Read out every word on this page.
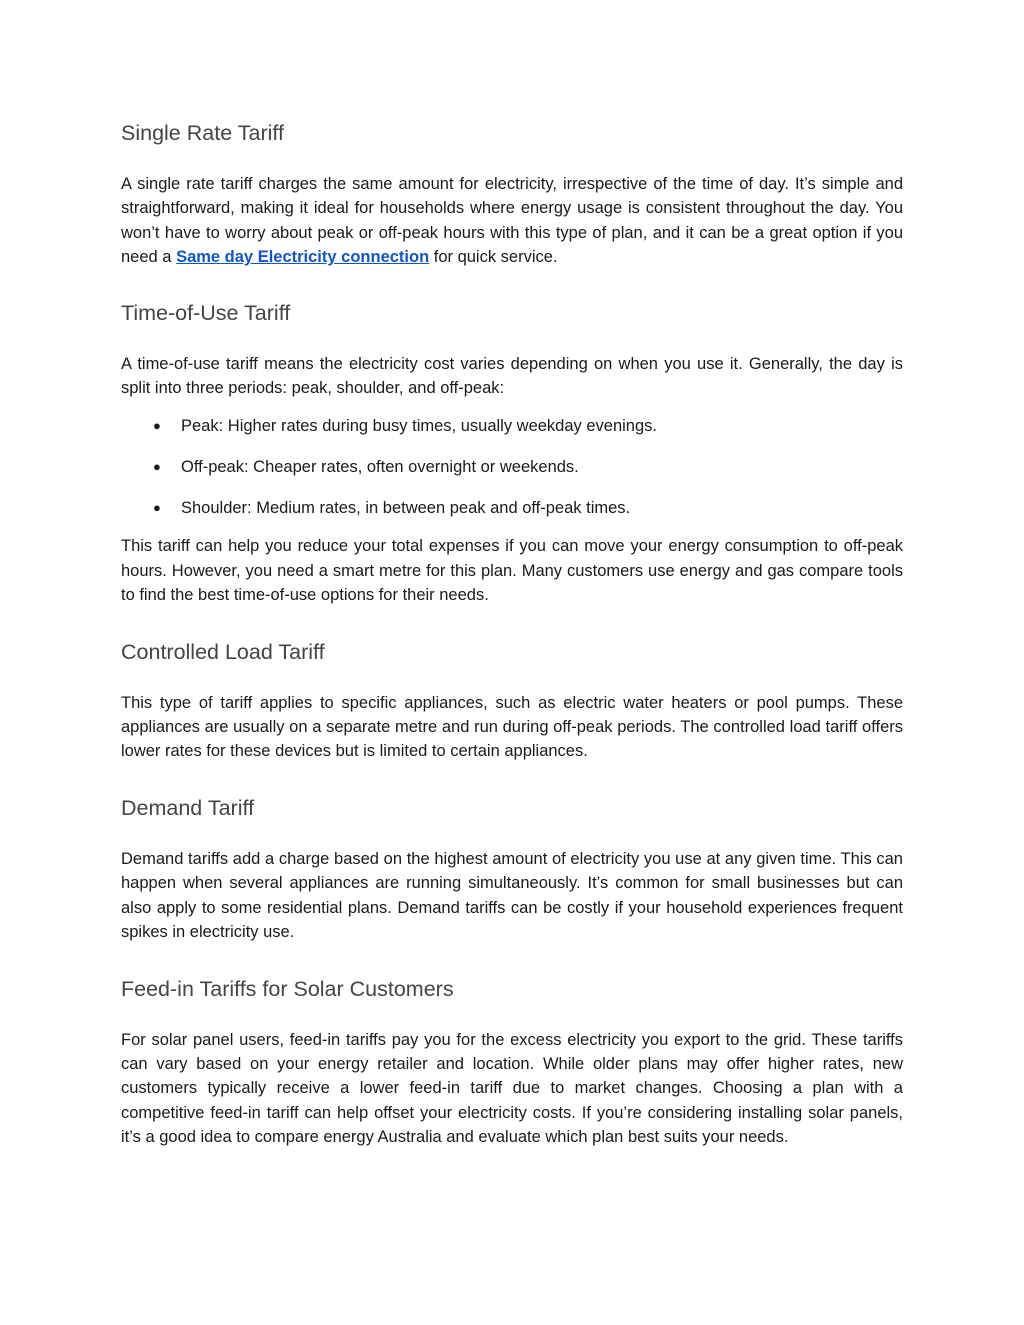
Single Rate Tariff

A single rate tariff charges the same amount for electricity, irrespective of the time of day. It’s simple and straightforward, making it ideal for households where energy usage is consistent throughout the day. You won’t have to worry about peak or off-peak hours with this type of plan, and it can be a great option if you need a Same day Electricity connection for quick service.

Time-of-Use Tariff

A time-of-use tariff means the electricity cost varies depending on when you use it. Generally, the day is split into three periods: peak, shoulder, and off-peak:

● Peak: Higher rates during busy times, usually weekday evenings.
● Off-peak: Cheaper rates, often overnight or weekends.
● Shoulder: Medium rates, in between peak and off-peak times.

This tariff can help you reduce your total expenses if you can move your energy consumption to off-peak hours. However, you need a smart metre for this plan. Many customers use energy and gas compare tools to find the best time-of-use options for their needs.

Controlled Load Tariff

This type of tariff applies to specific appliances, such as electric water heaters or pool pumps. These appliances are usually on a separate metre and run during off-peak periods. The controlled load tariff offers lower rates for these devices but is limited to certain appliances.

Demand Tariff

Demand tariffs add a charge based on the highest amount of electricity you use at any given time. This can happen when several appliances are running simultaneously. It’s common for small businesses but can also apply to some residential plans. Demand tariffs can be costly if your household experiences frequent spikes in electricity use.

Feed-in Tariffs for Solar Customers

For solar panel users, feed-in tariffs pay you for the excess electricity you export to the grid. These tariffs can vary based on your energy retailer and location. While older plans may offer higher rates, new customers typically receive a lower feed-in tariff due to market changes. Choosing a plan with a competitive feed-in tariff can help offset your electricity costs. If you’re considering installing solar panels, it’s a good idea to compare energy Australia and evaluate which plan best suits your needs.
